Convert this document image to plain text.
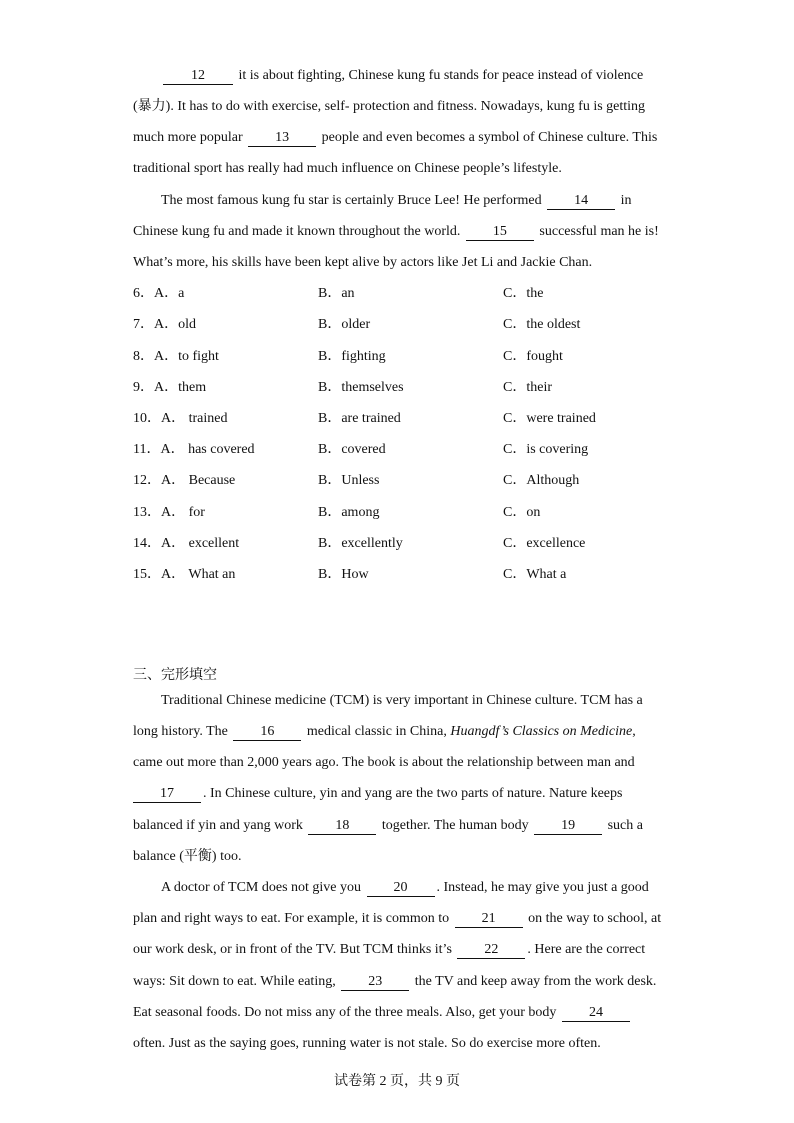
12 it is about fighting, Chinese kung fu stands for peace instead of violence
(暴力). It has to do with exercise, self- protection and fitness. Nowadays, kung fu is getting
much more popular 13 people and even becomes a symbol of Chinese culture. This
traditional sport has really had much influence on Chinese people’s lifestyle.
The most famous kung fu star is certainly Bruce Lee! He performed 14 in
Chinese kung fu and made it known throughout the world. 15 successful man he is!
What’s more, his skills have been kept alive by actors like Jet Li and Jackie Chan.
6．A．a	B．an	C．the
7．A．old	B．older	C．the oldest
8．A．to fight	B．fighting	C．fought
9．A．them	B．themselves	C．their
10．A． trained	B．are trained	C．were trained
11．A． has covered	B．covered	C．is covering
12．A． Because	B．Unless	C．Although
13．A． for	B．among	C．on
14．A． excellent	B．excellently	C．excellence
15．A． What an	B．How	C．What a
三、完形填空
Traditional Chinese medicine (TCM) is very important in Chinese culture. TCM has a
long history. The 16 medical classic in China, Huangdf’s Classics on Medicine,
came out more than 2,000 years ago. The book is about the relationship between man and
17 . In Chinese culture, yin and yang are the two parts of nature. Nature keeps
balanced if yin and yang work 18 together. The human body 19 such a
balance (平衡) too.
A doctor of TCM does not give you 20 . Instead, he may give you just a good
plan and right ways to eat. For example, it is common to 21 on the way to school, at
our work desk, or in front of the TV. But TCM thinks it’s 22 . Here are the correct
ways: Sit down to eat. While eating, 23 the TV and keep away from the work desk.
Eat seasonal foods. Do not miss any of the three meals. Also, get your body 24
often. Just as the saying goes, running water is not stale. So do exercise more often.
试卷第 2 页，共 9 页
